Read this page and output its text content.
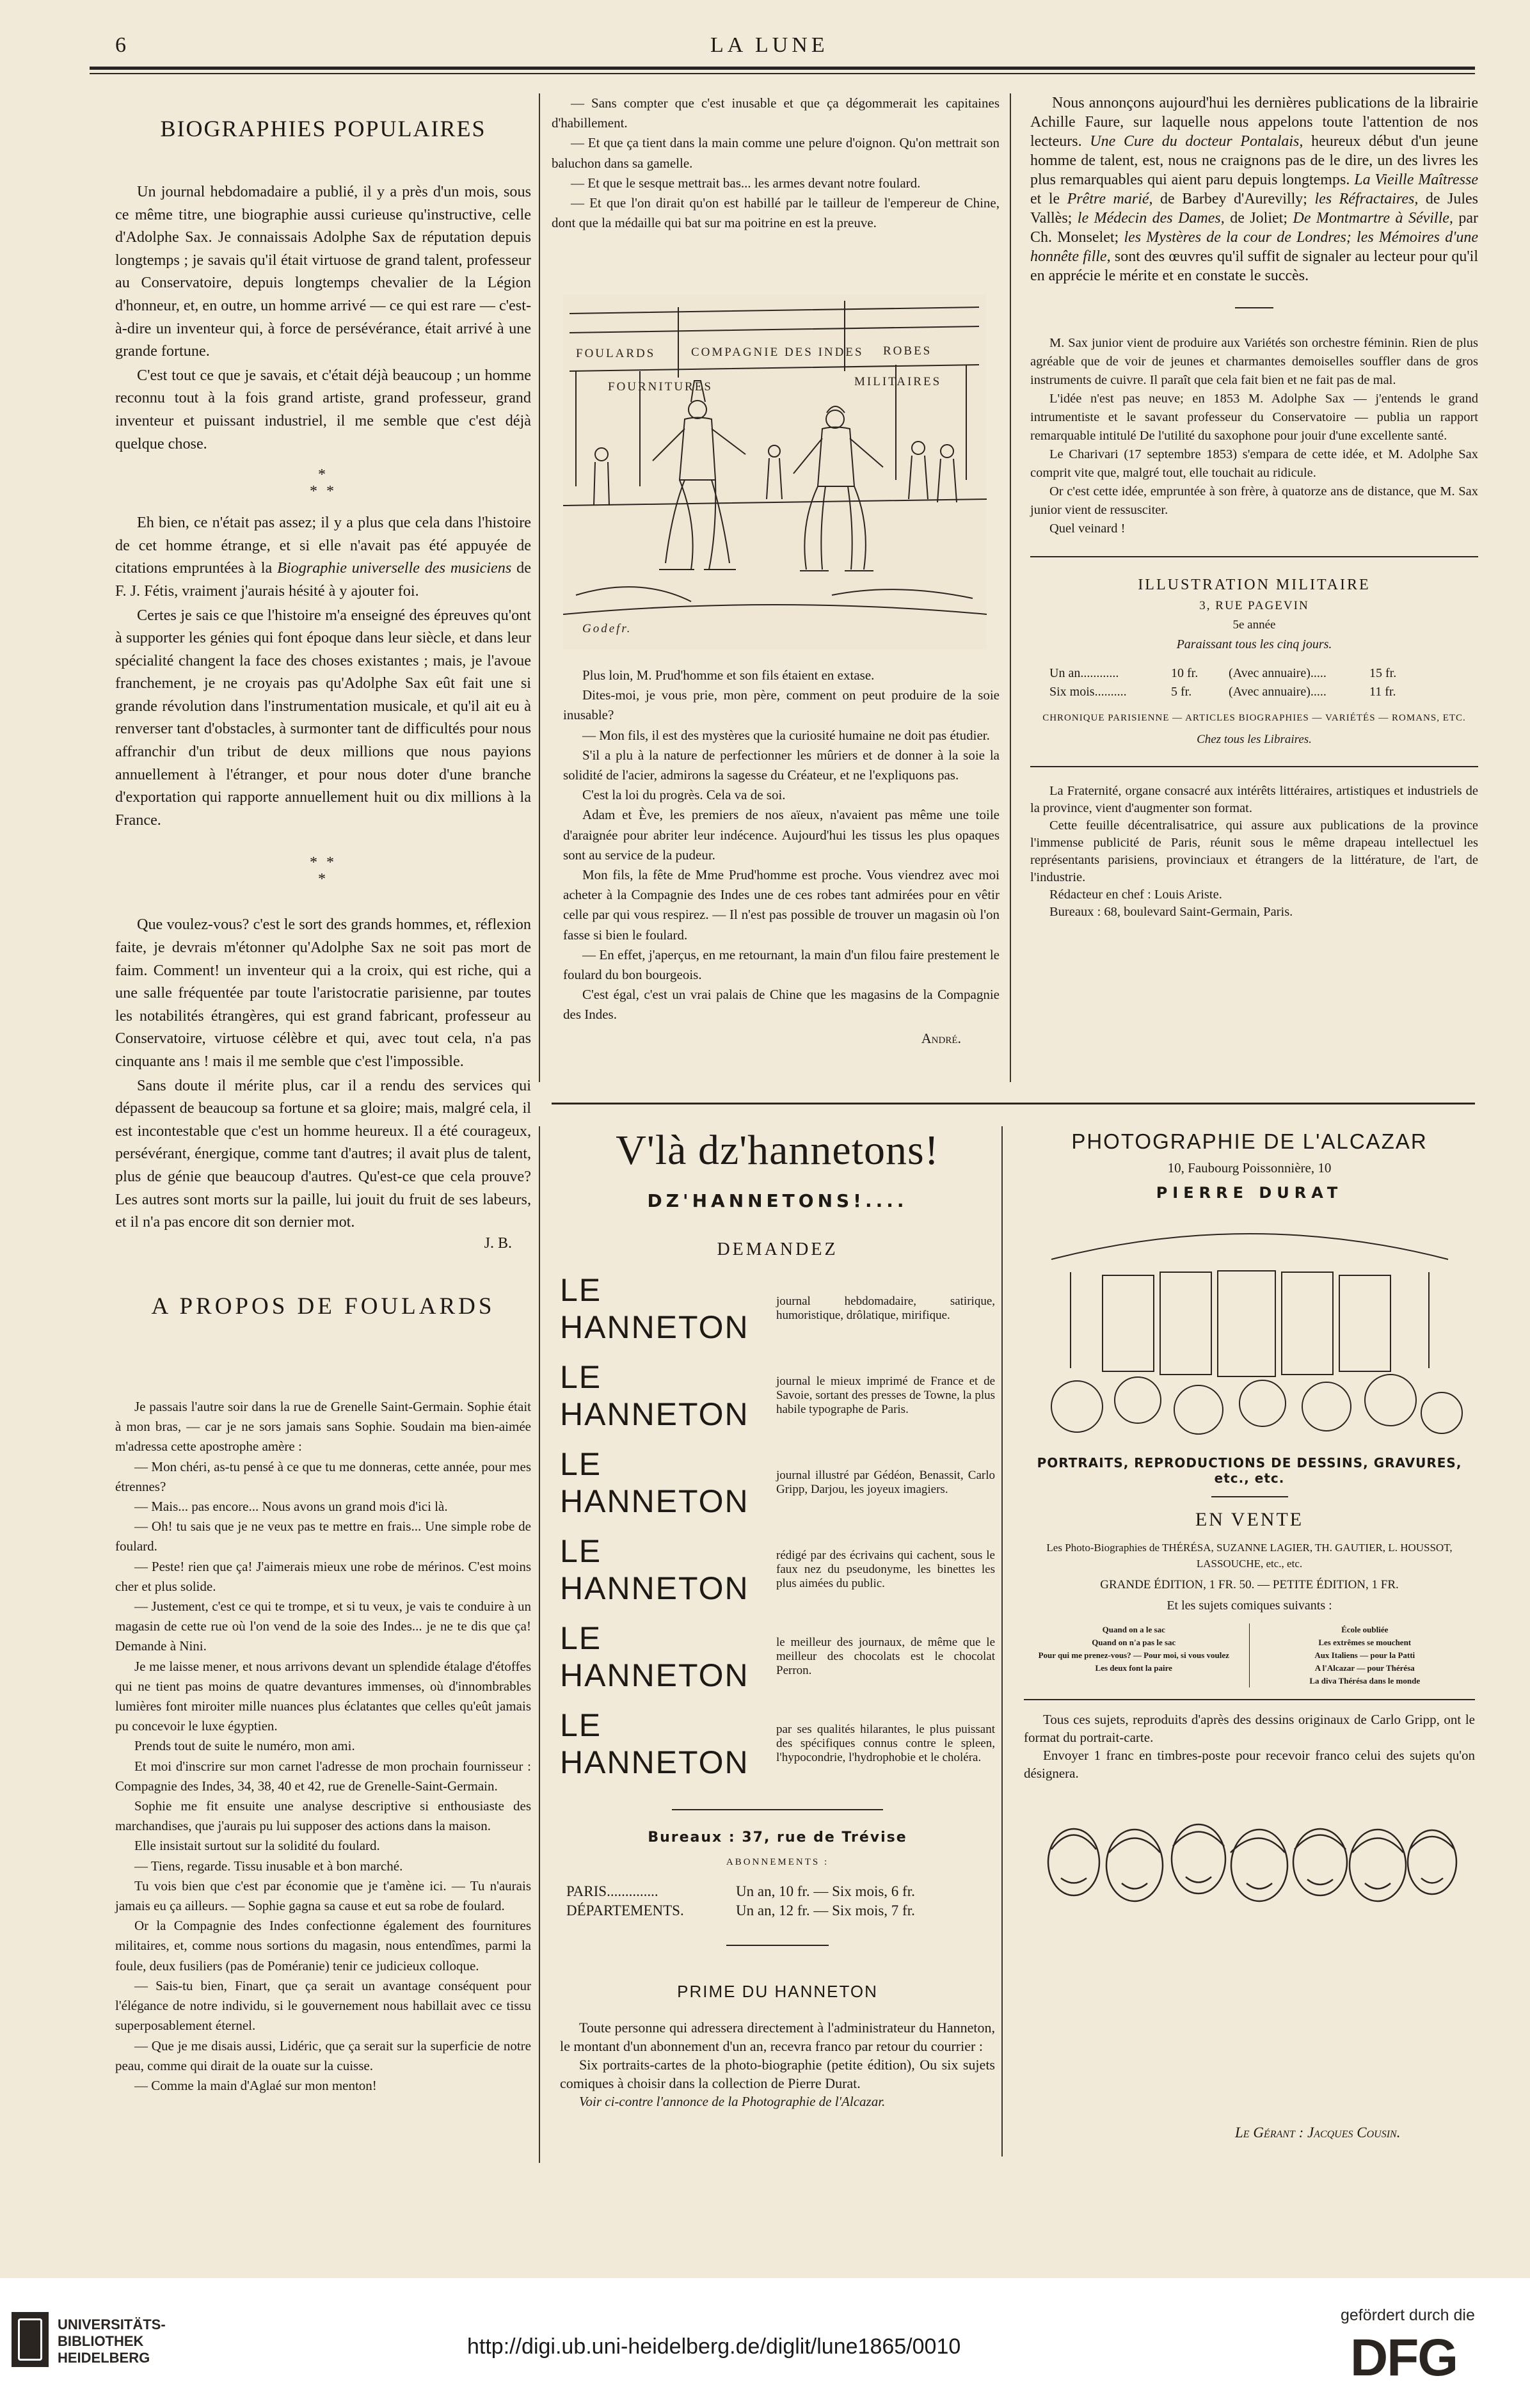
6	LA LUNE
BIOGRAPHIES POPULAIRES

Un journal hebdomadaire a publié, il y a près d'un mois, sous ce même titre, une biographie aussi curieuse qu'instructive, celle d'Adolphe Sax. Je connaissais Adolphe Sax de réputation depuis longtemps ; je savais qu'il était virtuose de grand talent, professeur au Conservatoire, depuis longtemps chevalier de la Légion d'honneur, et, en outre, un homme arrivé — ce qui est rare — c'est-à-dire un inventeur qui, à force de persévérance, était arrivé à une grande fortune.

C'est tout ce que je savais, et c'était déjà beaucoup ; un homme reconnu tout à la fois grand artiste, grand professeur, grand inventeur et puissant industriel, il me semble que c'est déjà quelque chose.

*
* *

Eh bien, ce n'était pas assez; il y a plus que cela dans l'histoire de cet homme étrange, et si elle n'avait pas été appuyée de citations empruntées à la Biographie universelle des musiciens de F. J. Fétis, vraiment j'aurais hésité à y ajouter foi.

Certes je sais ce que l'histoire m'a enseigné des épreuves qu'ont à supporter les génies qui font époque dans leur siècle, et dans leur spécialité changent la face des choses existantes ; mais, je l'avoue franchement, je ne croyais pas qu'Adolphe Sax eût fait une si grande révolution dans l'instrumentation musicale, et qu'il ait eu à renverser tant d'obstacles, à surmonter tant de difficultés pour nous affranchir d'un tribut de deux millions que nous payions annuellement à l'étranger, et pour nous doter d'une branche d'exportation qui rapporte annuellement huit ou dix millions à la France.

* *
*

Que voulez-vous? c'est le sort des grands hommes, et, réflexion faite, je devrais m'étonner qu'Adolphe Sax ne soit pas mort de faim. Comment! un inventeur qui a la croix, qui est riche, qui a une salle fréquentée par toute l'aristocratie parisienne, par toutes les notabilités étrangères, qui est grand fabricant, professeur au Conservatoire, virtuose célèbre et qui, avec tout cela, n'a pas cinquante ans ! mais il me semble que c'est l'impossible.

Sans doute il mérite plus, car il a rendu des services qui dépassent de beaucoup sa fortune et sa gloire; mais, malgré cela, il est incontestable que c'est un homme heureux. Il a été courageux, persévérant, énergique, comme tant d'autres; il avait plus de talent, plus de génie que beaucoup d'autres. Qu'est-ce que cela prouve? Les autres sont morts sur la paille, lui jouit du fruit de ses labeurs, et il n'a pas encore dit son dernier mot.

J. B.
A PROPOS DE FOULARDS

Je passais l'autre soir dans la rue de Grenelle Saint-Germain. Sophie était à mon bras, — car je ne sors jamais sans Sophie. Soudain ma bien-aimée m'adressa cette apostrophe amère :

— Mon chéri, as-tu pensé à ce que tu me donneras, cette année, pour mes étrennes?

— Mais... pas encore... Nous avons un grand mois d'ici là.

— Oh! tu sais que je ne veux pas te mettre en frais... Une simple robe de foulard.

— Peste! rien que ça! J'aimerais mieux une robe de mérinos. C'est moins cher et plus solide.

— Justement, c'est ce qui te trompe, et si tu veux, je vais te conduire à un magasin de cette rue où l'on vend de la soie des Indes... je ne te dis que ça! Demande à Nini.

Je me laisse mener, et nous arrivons devant un splendide étalage d'étoffes qui ne tient pas moins de quatre devantures immenses, où d'innombrables lumières font miroiter mille nuances plus éclatantes que celles qu'eût jamais pu concevoir le luxe égyptien.

Prends tout de suite le numéro, mon ami.

Et moi d'inscrire sur mon carnet l'adresse de mon prochain fournisseur : Compagnie des Indes, 34, 38, 40 et 42, rue de Grenelle-Saint-Germain.

Sophie me fit ensuite une analyse descriptive si enthousiaste des marchandises, que j'aurais pu lui supposer des actions dans la maison.

Elle insistait surtout sur la solidité du foulard.

— Tiens, regarde. Tissu inusable et à bon marché.

Tu vois bien que c'est par économie que je t'amène ici. — Tu n'aurais jamais eu ça ailleurs. — Sophie gagna sa cause et eut sa robe de foulard.

Or la Compagnie des Indes confectionne également des fournitures militaires, et, comme nous sortions du magasin, nous entendîmes, parmi la foule, deux fusiliers (pas de Poméranie) tenir ce judicieux colloque.

— Sais-tu bien, Finart, que ça serait un avantage conséquent pour l'élégance de notre individu, si le gouvernement nous habillait avec ce tissu superposablement éternel.

— Que je me disais aussi, Lidéric, que ça serait sur la superficie de notre peau, comme qui dirait de la ouate sur la cuisse.

— Comme la main d'Aglaé sur mon menton!

— Sans compter que c'est inusable et que ça dégommerait les capitaines d'habillement.

— Et que ça tient dans la main comme une pelure d'oignon. Qu'on mettrait son baluchon dans sa gamelle.

— Et que le sesque mettrait bas... les armes devant notre foulard.

— Et que l'on dirait qu'on est habillé par le tailleur de l'empereur de Chine, dont que la médaille qui bat sur ma poitrine en est la preuve.

FOULARDS	COMPAGNIE DES INDES ROBES
FOURNITURES	MILITAIRES
Godefr.

Plus loin, M. Prud'homme et son fils étaient en extase.

Dites-moi, je vous prie, mon père, comment on peut produire de la soie inusable?

— Mon fils, il est des mystères que la curiosité humaine ne doit pas étudier.

S'il a plu à la nature de perfectionner les mûriers et de donner à la soie la solidité de l'acier, admirons la sagesse du Créateur, et ne l'expliquons pas.

C'est la loi du progrès. Cela va de soi.

Adam et Ève, les premiers de nos aïeux, n'avaient pas même une toile d'araignée pour abriter leur indécence. Aujourd'hui les tissus les plus opaques sont au service de la pudeur.

Mon fils, la fête de Mme Prud'homme est proche. Vous viendrez avec moi acheter à la Compagnie des Indes une de ces robes tant admirées pour en vêtir celle par qui vous respirez. — Il n'est pas possible de trouver un magasin où l'on fasse si bien le foulard.

— En effet, j'aperçus, en me retournant, la main d'un filou faire prestement le foulard du bon bourgeois.

C'est égal, c'est un vrai palais de Chine que les magasins de la Compagnie des Indes.

André.

Nous annonçons aujourd'hui les dernières publications de la librairie Achille Faure, sur laquelle nous appelons toute l'attention de nos lecteurs. Une Cure du docteur Pontalais, heureux début d'un jeune homme de talent, est, nous ne craignons pas de le dire, un des livres les plus remarquables qui aient paru depuis longtemps. La Vieille Maîtresse et le Prêtre marié, de Barbey d'Aurevilly; les Réfractaires, de Jules Vallès; le Médecin des Dames, de Joliet; De Montmartre à Séville, par Ch. Monselet; les Mystères de la cour de Londres; les Mémoires d'une honnête fille, sont des œuvres qu'il suffit de signaler au lecteur pour qu'il en apprécie le mérite et en constate le succès.

M. Sax junior vient de produire aux Variétés son orchestre féminin. Rien de plus agréable que de voir de jeunes et charmantes demoiselles souffler dans de gros instruments de cuivre. Il paraît que cela fait bien et ne fait pas de mal.

L'idée n'est pas neuve; en 1853 M. Adolphe Sax — j'entends le grand intrumentiste et le savant professeur du Conservatoire — publia un rapport remarquable intitulé De l'utilité du saxophone pour jouir d'une excellente santé.

Le Charivari (17 septembre 1853) s'empara de cette idée, et M. Adolphe Sax comprit vite que, malgré tout, elle touchait au ridicule.

Or c'est cette idée, empruntée à son frère, à quatorze ans de distance, que M. Sax junior vient de ressusciter.

Quel veinard !

ILLUSTRATION MILITAIRE
3, RUE PAGEVIN
5e année
Paraissant tous les cinq jours.
Un an............	10 fr.	(Avec annuaire).....	15 fr.
Six mois..........	5 fr.	(Avec annuaire).....	11 fr.
CHRONIQUE PARISIENNE — ARTICLES BIOGRAPHIES — VARIÉTÉS — ROMANS, ETC.
Chez tous les Libraires.

La Fraternité, organe consacré aux intérêts littéraires, artistiques et industriels de la province, vient d'augmenter son format.

Cette feuille décentralisatrice, qui assure aux publications de la province l'immense publicité de Paris, réunit sous le même drapeau intellectuel les représentants parisiens, provinciaux et étrangers de la littérature, de l'art, de l'industrie.

Rédacteur en chef : Louis Ariste.

Bureaux : 68, boulevard Saint-Germain, Paris.

V'là dz'hannetons!
DZ'HANNETONS!....
DEMANDEZ
LE HANNETON
journal hebdomadaire, satirique, humoristique, drôlatique, mirifique.
LE HANNETON
journal le mieux imprimé de France et de Savoie, sortant des presses de Towne, la plus habile typographe de Paris.
LE HANNETON
journal illustré par Gédéon, Benassit, Carlo Gripp, Darjou, les joyeux imagiers.
LE HANNETON
rédigé par des écrivains qui cachent, sous le faux nez du pseudonyme, les binettes les plus aimées du public.
LE HANNETON
le meilleur des journaux, de même que le meilleur des chocolats est le chocolat Perron.
LE HANNETON
par ses qualités hilarantes, le plus puissant des spécifiques connus contre le spleen, l'hypocondrie, l'hydrophobie et le choléra.
Bureaux : 37, rue de Trévise
ABONNEMENTS :
PARIS..............	Un an, 10 fr. — Six mois, 6 fr.
DÉPARTEMENTS.	Un an, 12 fr. — Six mois, 7 fr.
PRIME DU HANNETON

Toute personne qui adressera directement à l'administrateur du Hanneton, le montant d'un abonnement d'un an, recevra franco par retour du courrier :

Six portraits-cartes de la photo-biographie (petite édition), Ou six sujets comiques à choisir dans la collection de Pierre Durat.

Voir ci-contre l'annonce de la Photographie de l'Alcazar.

PHOTOGRAPHIE DE L'ALCAZAR
10, Faubourg Poissonnière, 10
PIERRE DURAT
PORTRAITS, REPRODUCTIONS DE DESSINS, GRAVURES, etc., etc.
EN VENTE
Les Photo-Biographies de THÉRÉSA, SUZANNE LAGIER, TH. GAUTIER, L. HOUSSOT, LASSOUCHE, etc., etc.
GRANDE ÉDITION, 1 FR. 50. — PETITE ÉDITION, 1 FR.
Et les sujets comiques suivants :
Quand on a le sac
Quand on n'a pas le sac
Pour qui me prenez-vous? — Pour moi, si vous voulez
Les deux font la paire
École oubliée
Les extrêmes se mouchent
Aux Italiens — pour la Patti
A l'Alcazar — pour Thérésa
La diva Thérésa dans le monde

Tous ces sujets, reproduits d'après des dessins originaux de Carlo Gripp, ont le format du portrait-carte.

Envoyer 1 franc en timbres-poste pour recevoir franco celui des sujets qu'on désignera.

Le Gérant : Jacques Cousin.
UNIVERSITÄTS-
BIBLIOTHEK
HEIDELBERG	http://digi.ub.uni-heidelberg.de/diglit/lune1865/0010
gefördert durch die
DFG
